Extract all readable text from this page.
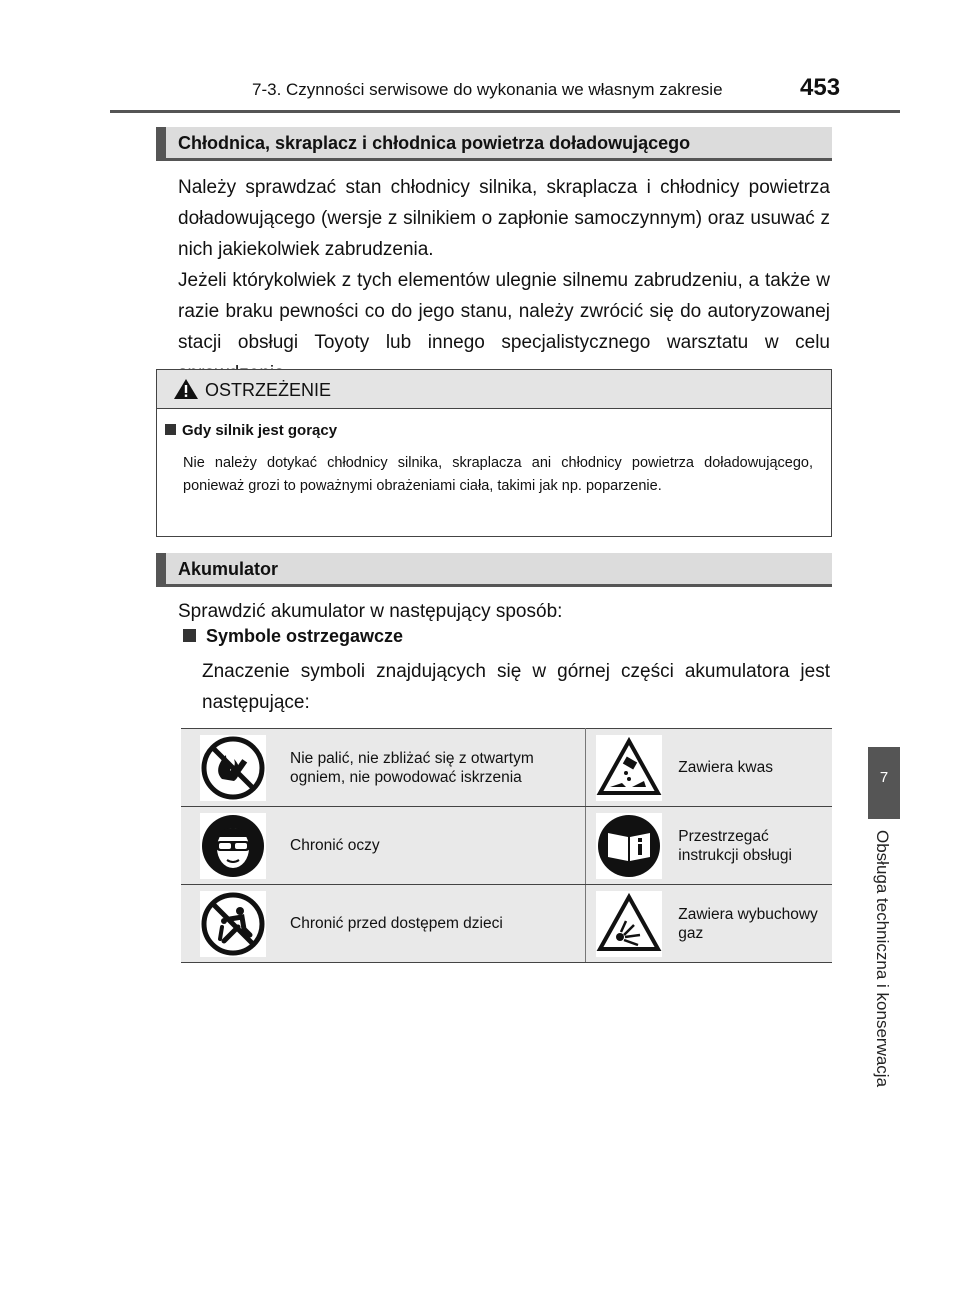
7-3. Czynności serwisowe do wykonania we własnym zakresie	453
7
Obsługa techniczna i konserwacja
Chłodnica, skraplacz i chłodnica powietrza doładowującego

Należy sprawdzać stan chłodnicy silnika, skraplacza i chłodnicy powietrza doładowującego (wersje z silnikiem o zapłonie samoczynnym) oraz usuwać z nich jakiekolwiek zabrudzenia.

Jeżeli którykolwiek z tych elementów ulegnie silnemu zabrudzeniu, a także w razie braku pewności co do jego stanu, należy zwrócić się do autoryzowanej stacji obsługi Toyoty lub innego specjalistycznego warsztatu w celu

OSTRZEŻENIE
Gdy silnik jest gorący

Nie należy dotykać chłodnicy silnika, skraplacza ani chłodnicy powietrza doładowującego, ponieważ grozi to poważnymi obrażeniami ciała, takimi jak np. poparzenie.

Akumulator

Sprawdzić akumulator w następujący sposób:

Symbole ostrzegawcze

Znaczenie symboli znajdujących się w górnej części akumulatora jest następujące:

	Nie palić, nie zbliżać się z otwartym ogniem, nie powodować iskrzenia		Zawiera kwas
	Chronić oczy		Przestrzegać instrukcji obsługi
	Chronić przed dostępem dzieci		Zawiera wybuchowy gaz
